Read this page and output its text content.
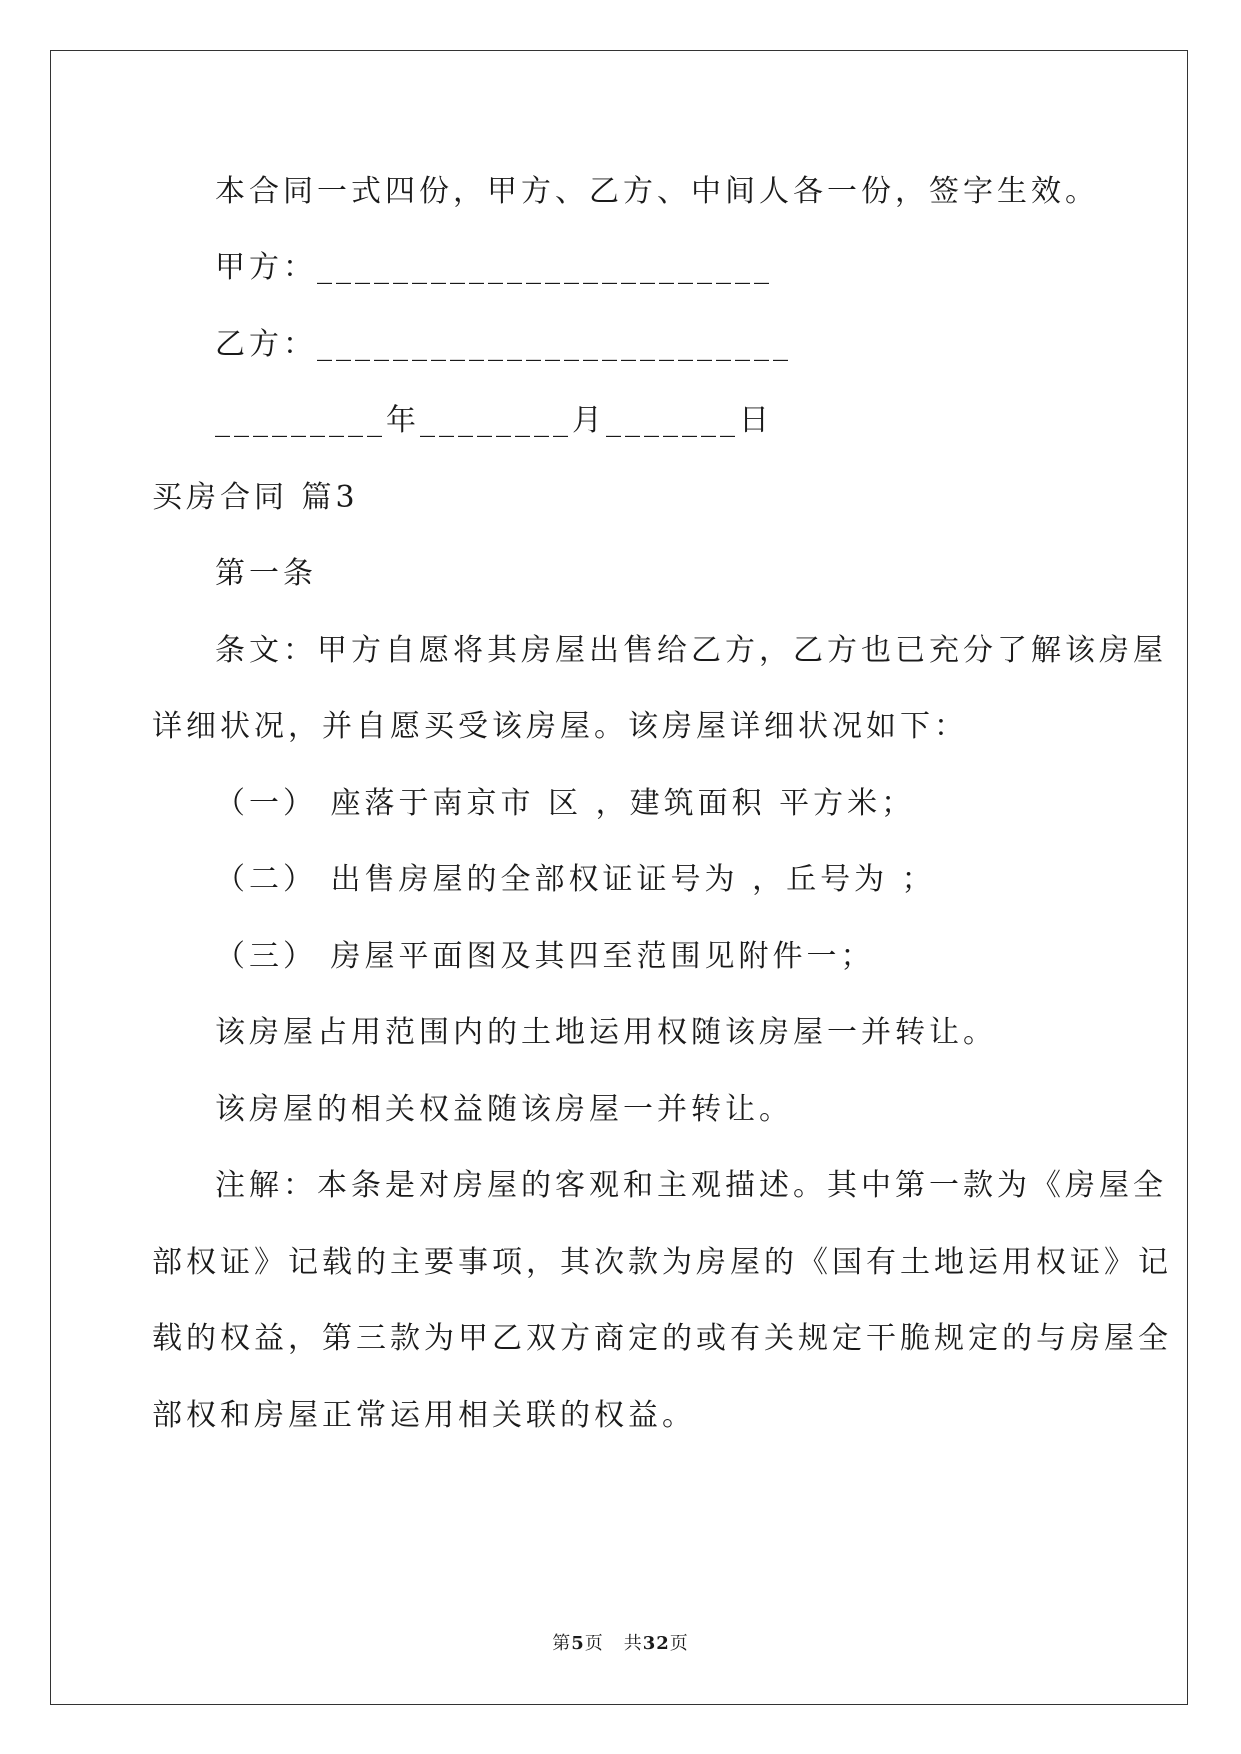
本合同一式四份，甲方、乙方、中间人各一份，签字生效。
甲方：________________________
乙方：_________________________
_________年________月_______日
买房合同 篇3
第一条
条文：甲方自愿将其房屋出售给乙方，乙方也已充分了解该房屋
详细状况，并自愿买受该房屋。该房屋详细状况如下：
（一） 座落于南京市 区 ，建筑面积 平方米；
（二） 出售房屋的全部权证证号为 ，丘号为 ；
（三） 房屋平面图及其四至范围见附件一；
该房屋占用范围内的土地运用权随该房屋一并转让。
该房屋的相关权益随该房屋一并转让。
注解：本条是对房屋的客观和主观描述。其中第一款为《房屋全
部权证》记载的主要事项，其次款为房屋的《国有土地运用权证》记
载的权益，第三款为甲乙双方商定的或有关规定干脆规定的与房屋全
部权和房屋正常运用相关联的权益。
第5页 共32页
